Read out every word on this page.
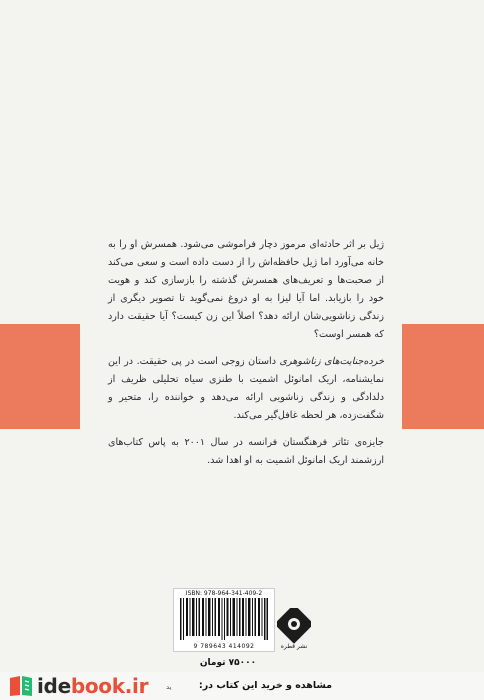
ژیل بر اثر حادثه‌ای مرموز دچار فراموشی می‌شود. همسرش او را به خانه می‌آورد اما ژیل حافظه‌اش را از دست داده است و سعی می‌کند از صحبت‌ها و تعریف‌های همسرش گذشته را بازسازی کند و هویت خود را بازیابد. اما آیا لیزا به او دروغ نمی‌گوید تا تصویر دیگری از زندگی زناشویی‌شان ارائه دهد؟ اصلاً این زن کیست؟ آیا حقیقت دارد که همسر اوست؟

خرده‌جنایت‌های زناشوهری داستان زوجی است در پی حقیقت. در این نمایشنامه، اریک امانوئل اشمیت با طنزی سیاه تحلیلی ظریف از دلدادگی و زندگی زناشویی ارائه می‌دهد و خواننده را، متحیر و شگفت‌زده، هر لحظه غافل‌گیر می‌کند.

جایزه‌ی تئاتر فرهنگستان فرانسه در سال ۲۰۰۱ به پاس کتاب‌های ارزشمند اریک امانوئل اشمیت به او اهدا شد.

ISBN: 978-964-341-409-2
9 789643 414092	نشر قطره
۷۵۰۰۰ تومان
idebook.ir	مشاهده و خرید این کتاب در:
ید
